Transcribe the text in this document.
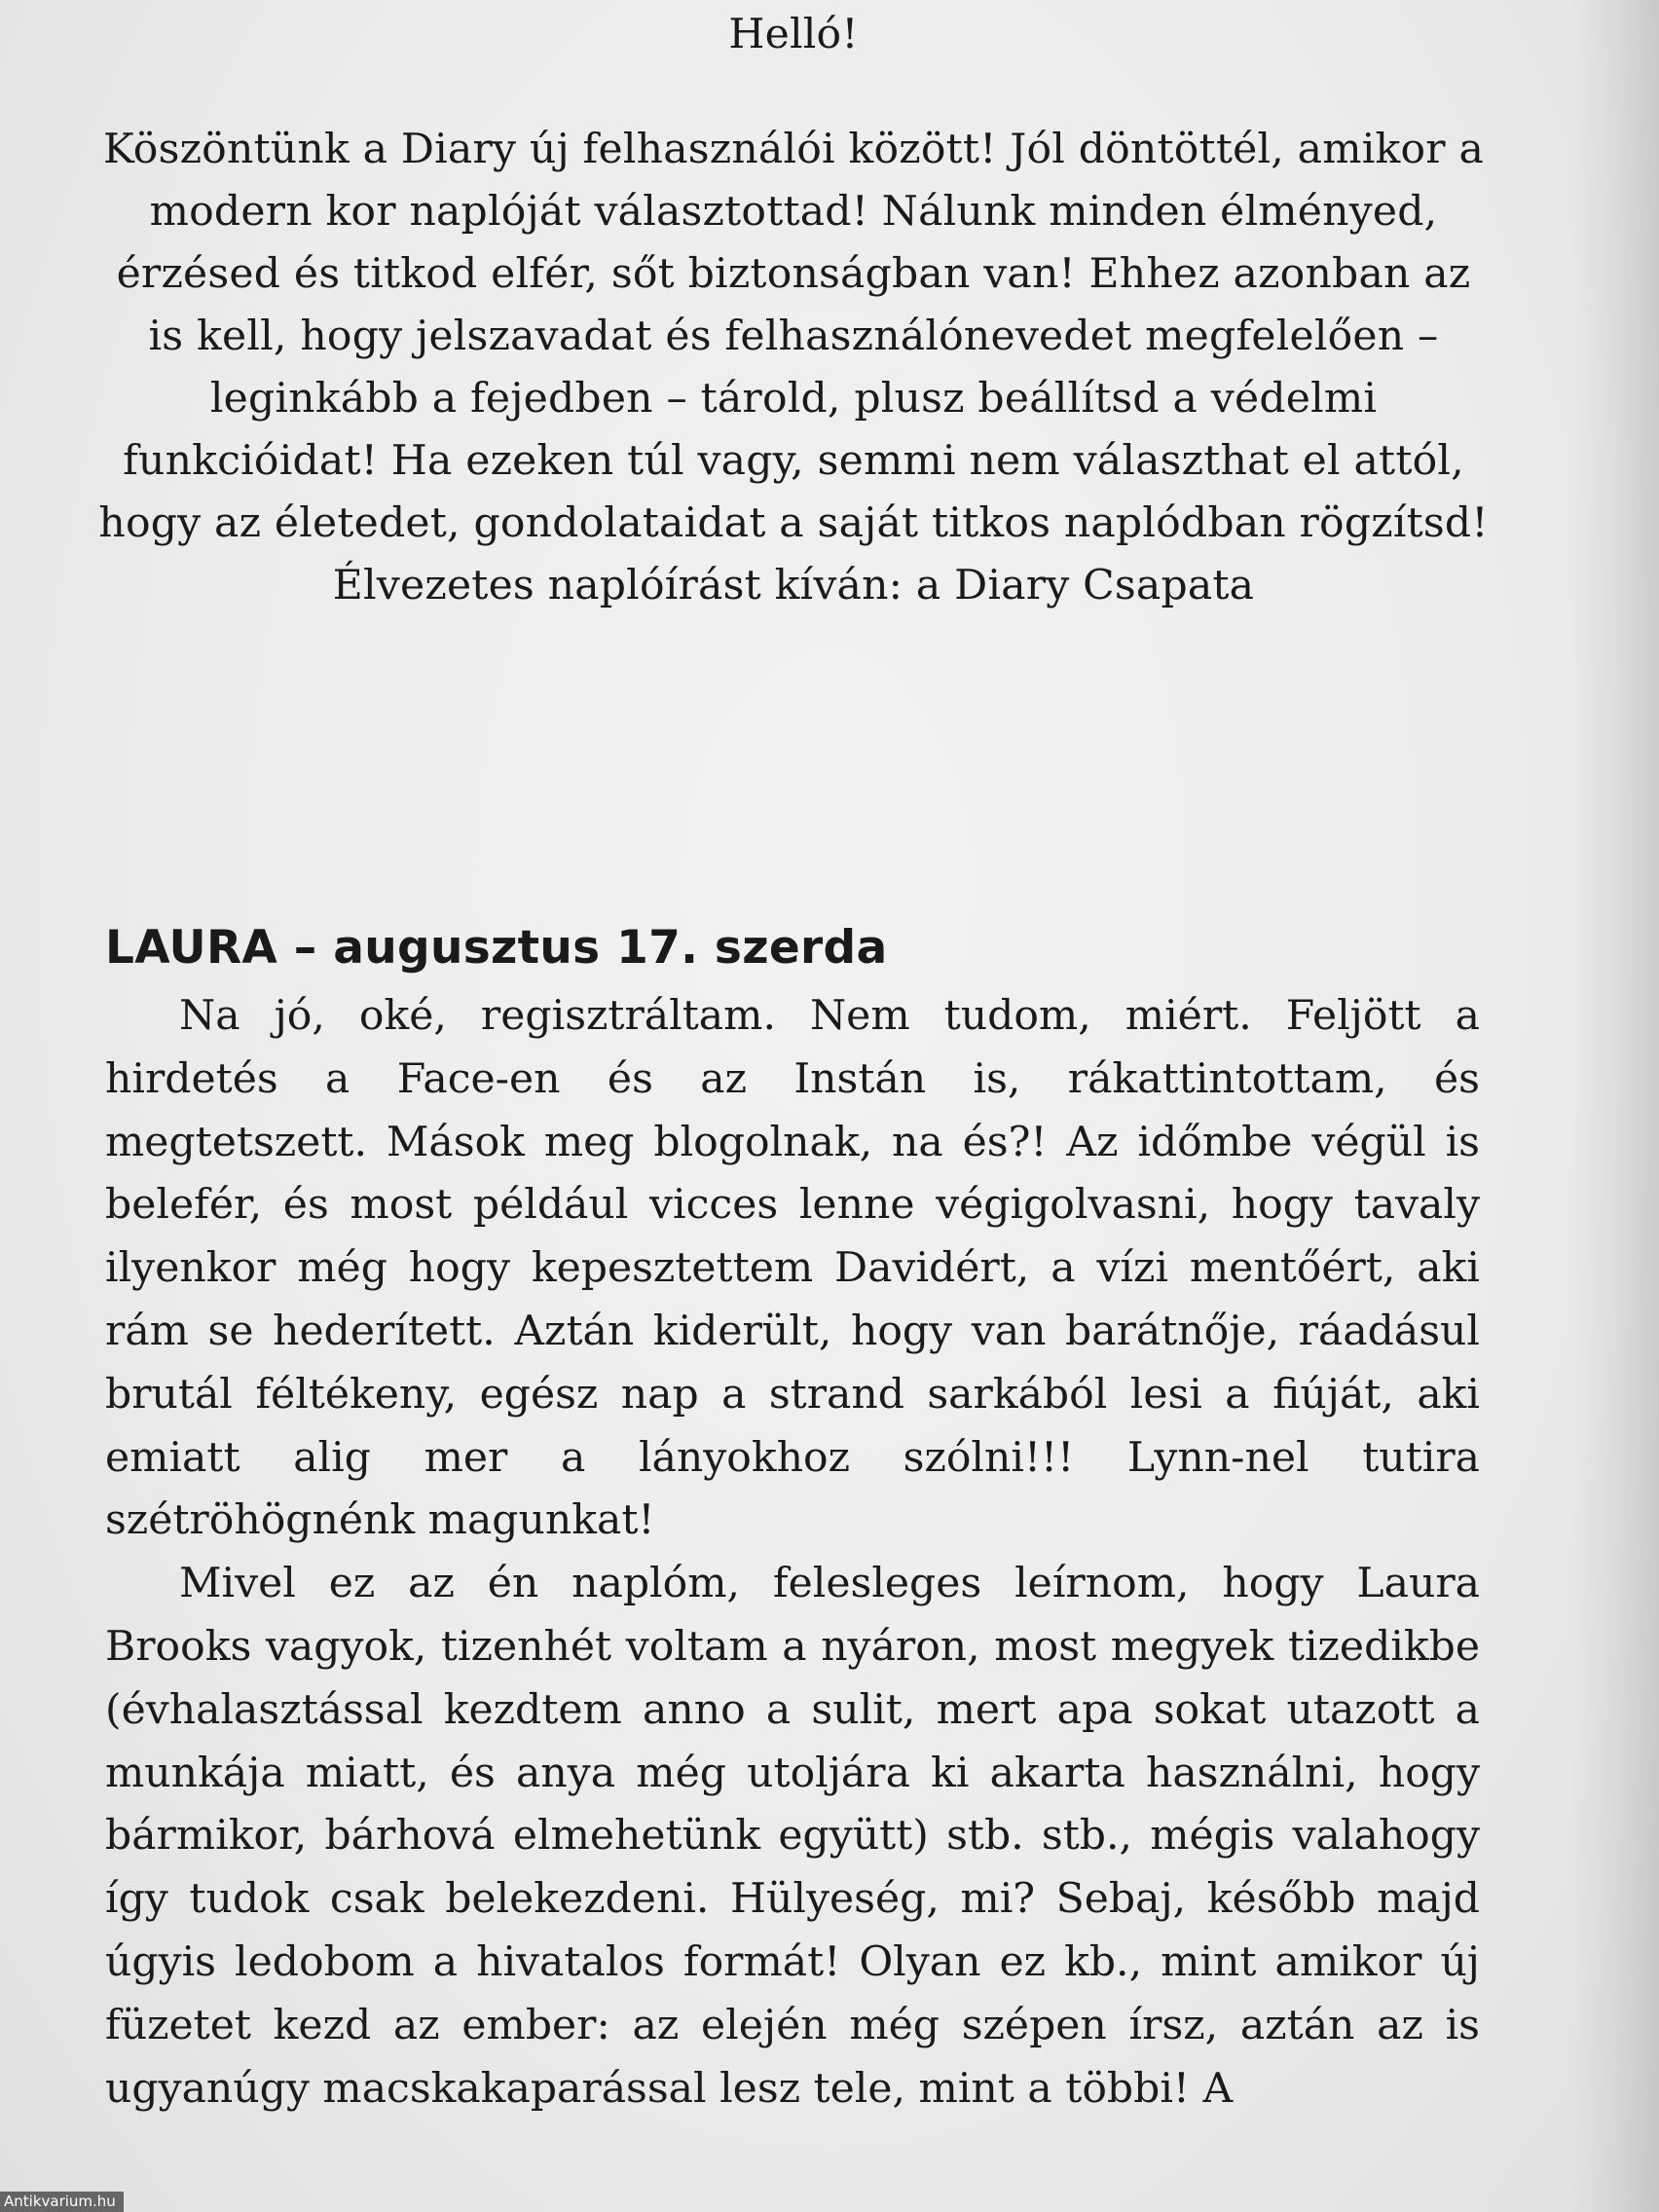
Helló!

Köszöntünk a Diary új felhasználói között! Jól döntöttél, amikor a modern kor naplóját választottad! Nálunk minden élményed, érzésed és titkod elfér, sőt biztonságban van! Ehhez azonban az is kell, hogy jelszavadat és felhasználónevedet megfelelően – leginkább a fejedben – tárold, plusz beállítsd a védelmi funkcióidat! Ha ezeken túl vagy, semmi nem választhat el attól, hogy az életedet, gondolataidat a saját titkos naplódban rögzítsd!

Élvezetes naplóírást kíván: a Diary Csapata

LAURA – augusztus 17. szerda

Na jó, oké, regisztráltam. Nem tudom, miért. Feljött a hirdetés a Face-en és az Instán is, rákattintottam, és megtetszett. Mások meg blogolnak, na és?! Az időmbe végül is belefér, és most például vicces lenne végigolvasni, hogy tavaly ilyenkor még hogy kepesztettem Davidért, a vízi mentőért, aki rám se hederített. Aztán kiderült, hogy van barátnője, ráadásul brutál féltékeny, egész nap a strand sarkából lesi a fiúját, aki emiatt alig mer a lányokhoz szólni!!! Lynn-nel tutira szétröhögnénk magunkat!

Mivel ez az én naplóm, felesleges leírnom, hogy Laura Brooks vagyok, tizenhét voltam a nyáron, most megyek tizedikbe (évhalasztással kezdtem anno a sulit, mert apa sokat utazott a munkája miatt, és anya még utoljára ki akarta használni, hogy bármikor, bárhová elmehetünk együtt) stb. stb., mégis valahogy így tudok csak belekezdeni. Hülyeség, mi? Sebaj, később majd úgyis ledobom a hivatalos formát! Olyan ez kb., mint amikor új füzetet kezd az ember: az elején még szépen írsz, aztán az is ugyanúgy macskakaparással lesz tele, mint a többi! A

Antikvarium.hu
